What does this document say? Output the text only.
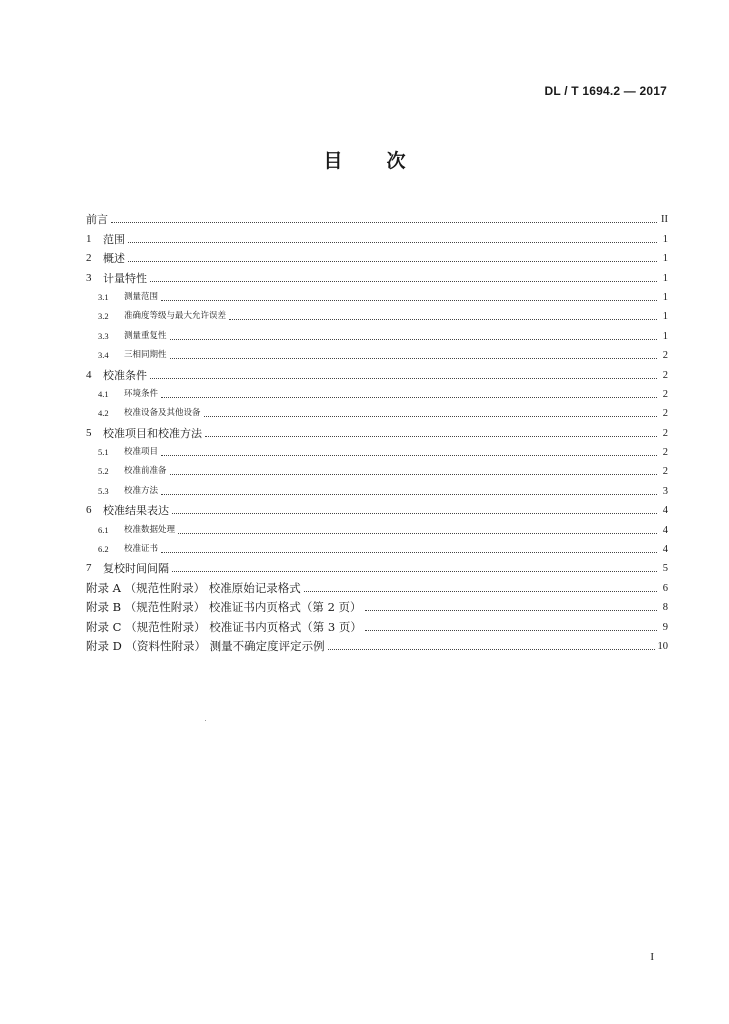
DL / T 1694.2 — 2017
目 次
前言	II
1	范围	1
2	概述	1
3	计量特性	1
3.1	测量范围	1
3.2	准确度等级与最大允许误差	1
3.3	测量重复性	1
3.4	三相同期性	2
4	校准条件	2
4.1	环境条件	2
4.2	校准设备及其他设备	2
5	校准项目和校准方法	2
5.1	校准项目	2
5.2	校准前准备	2
5.3	校准方法	3
6	校准结果表达	4
6.1	校准数据处理	4
6.2	校准证书	4
7	复校时间间隔	5
附录 A （规范性附录） 校准原始记录格式	6
附录 B （规范性附录） 校准证书内页格式（第 2 页）	8
附录 C （规范性附录） 校准证书内页格式（第 3 页）	9
附录 D （资料性附录） 测量不确定度评定示例	10
I
